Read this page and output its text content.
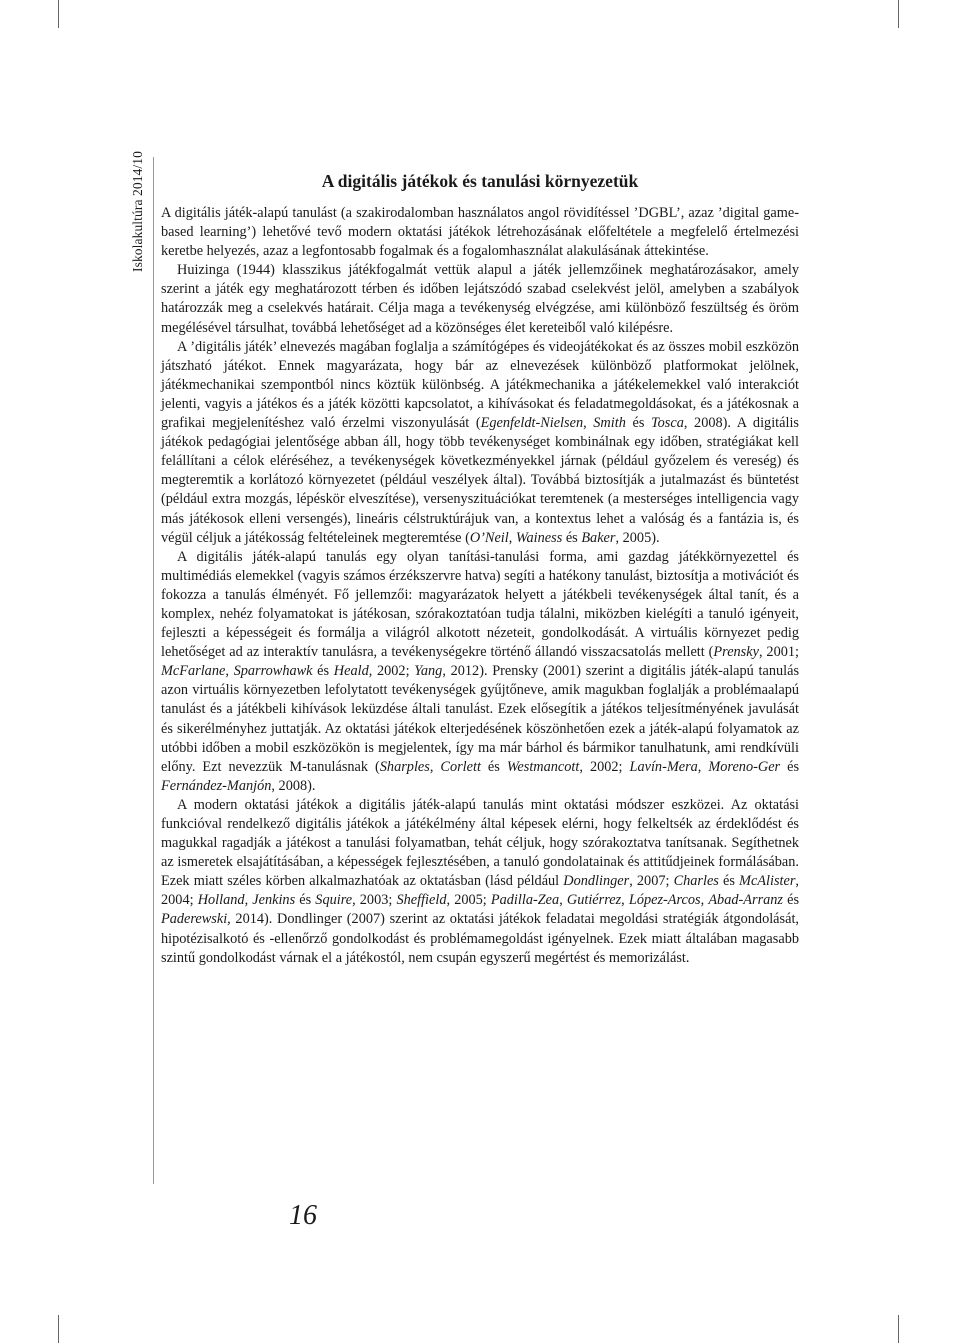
Iskolakultúra 2014/10	A digitális játékok és tanulási környezetük

A digitális játék-alapú tanulást (a szakirodalomban használatos angol rövidítéssel ’DGBL’, azaz ’digital game-based learning’) lehetővé tevő modern oktatási játékok létrehozásának előfeltétele a megfelelő értelmezési keretbe helyezés, azaz a legfontosabb fogalmak és a fogalomhasználat alakulásának áttekintése.

Huizinga (1944) klasszikus játékfogalmát vettük alapul a játék jellemzőinek meghatározásakor, amely szerint a játék egy meghatározott térben és időben lejátszódó szabad cselekvést jelöl, amelyben a szabályok határozzák meg a cselekvés határait. Célja maga a tevékenység elvégzése, ami különböző feszültség és öröm megélésével társulhat, továbbá lehetőséget ad a közönséges élet kereteiből való kilépésre.

A ’digitális játék’ elnevezés magában foglalja a számítógépes és videojátékokat és az összes mobil eszközön játszható játékot. Ennek magyarázata, hogy bár az elnevezések különböző platformokat jelölnek, játékmechanikai szempontból nincs köztük különbség. A játékmechanika a játékelemekkel való interakciót jelenti, vagyis a játékos és a játék közötti kapcsolatot, a kihívásokat és feladatmegoldásokat, és a játékosnak a grafikai megjelenítéshez való érzelmi viszonyulását (Egenfeldt-Nielsen, Smith és Tosca, 2008). A digitális játékok pedagógiai jelentősége abban áll, hogy több tevékenységet kombinálnak egy időben, stratégiákat kell felállítani a célok eléréséhez, a tevékenységek következményekkel járnak (például győzelem és vereség) és megteremtik a korlátozó környezetet (például veszélyek által). Továbbá biztosítják a jutalmazást és büntetést (például extra mozgás, lépéskör elveszítése), versenyszituációkat teremtenek (a mesterséges intelligencia vagy más játékosok elleni versengés), lineáris célstruktúrájuk van, a kontextus lehet a valóság és a fantázia is, és végül céljuk a játékosság feltételeinek megteremtése (O’Neil, Wainess és Baker, 2005).

A digitális játék-alapú tanulás egy olyan tanítási-tanulási forma, ami gazdag játékkörnyezettel és multimédiás elemekkel (vagyis számos érzékszervre hatva) segíti a hatékony tanulást, biztosítja a motivációt és fokozza a tanulás élményét. Fő jellemzői: magyarázatok helyett a játékbeli tevékenységek által tanít, és a komplex, nehéz folyamatokat is játékosan, szórakoztatóan tudja tálalni, miközben kielégíti a tanuló igényeit, fejleszti a képességeit és formálja a világról alkotott nézeteit, gondolkodását. A virtuális környezet pedig lehetőséget ad az interaktív tanulásra, a tevékenységekre történő állandó visszacsatolás mellett (Prensky, 2001; McFarlane, Sparrowhawk és Heald, 2002; Yang, 2012). Prensky (2001) szerint a digitális játék-alapú tanulás azon virtuális környezetben lefolytatott tevékenységek gyűjtőneve, amik magukban foglalják a problémaalapú tanulást és a játékbeli kihívások leküzdése általi tanulást. Ezek elősegítik a játékos teljesítményének javulását és sikerélményhez juttatják. Az oktatási játékok elterjedésének köszönhetően ezek a játék-alapú folyamatok az utóbbi időben a mobil eszközökön is megjelentek, így ma már bárhol és bármikor tanulhatunk, ami rendkívüli előny. Ezt nevezzük M-tanulásnak (Sharples, Corlett és Westmancott, 2002; Lavín-Mera, Moreno-Ger és Fernández-Manjón, 2008).

A modern oktatási játékok a digitális játék-alapú tanulás mint oktatási módszer eszközei. Az oktatási funkcióval rendelkező digitális játékok a játékélmény által képesek elérni, hogy felkeltsék az érdeklődést és magukkal ragadják a játékost a tanulási folyamatban, tehát céljuk, hogy szórakoztatva tanítsanak. Segíthetnek az ismeretek elsajátításában, a képességek fejlesztésében, a tanuló gondolatainak és attitűdjeinek formálásában. Ezek miatt széles körben alkalmazhatóak az oktatásban (lásd például Dondlinger, 2007; Charles és McAlister, 2004; Holland, Jenkins és Squire, 2003; Sheffield, 2005; Padilla-Zea, Gutiérrez, López-Arcos, Abad-Arranz és Paderewski, 2014). Dondlinger (2007) szerint az oktatási játékok feladatai megoldási stratégiák átgondolását, hipotézisalkotó és -ellenőrző gondolkodást és problémamegoldást igényelnek. Ezek miatt általában magasabb szintű gondolkodást várnak el a játékostól, nem csupán egyszerű megértést és memorizálást.

16
